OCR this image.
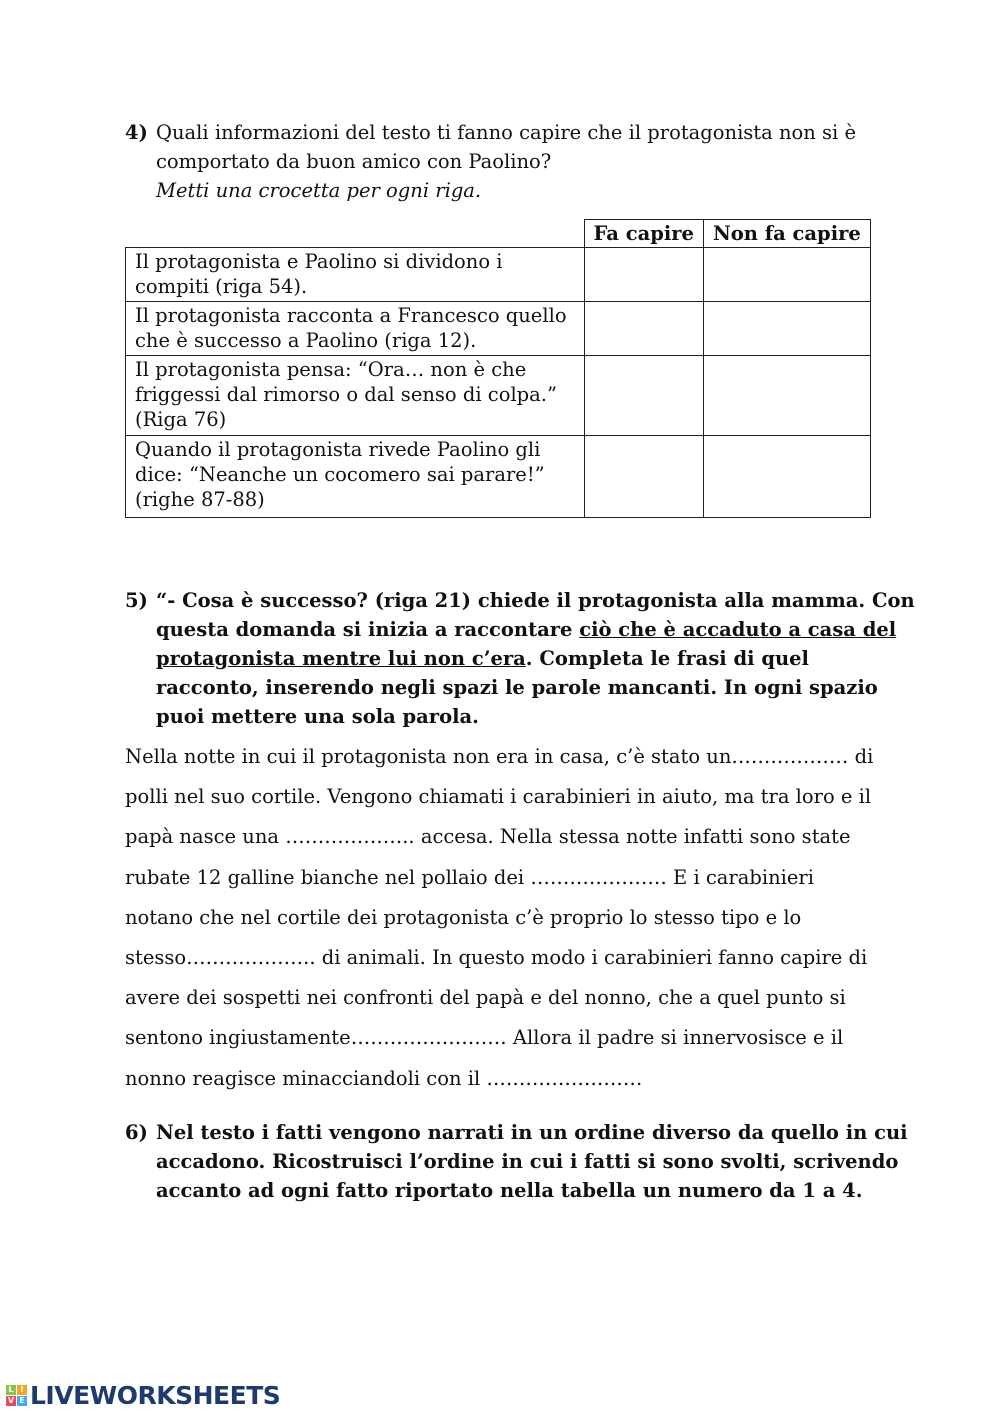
4) Quali informazioni del testo ti fanno capire che il protagonista non si è comportato da buon amico con Paolino?
Metti una crocetta per ogni riga.
	Fa capire	Non fa capire
Il protagonista e Paolino si dividono i compiti (riga 54).		
Il protagonista racconta a Francesco quello che è successo a Paolino (riga 12).		
Il protagonista pensa: “Ora… non è che friggessi dal rimorso o dal senso di colpa.” (Riga 76)		
Quando il protagonista rivede Paolino gli dice: “Neanche un cocomero sai parare!” (righe 87-88)		
5) “- Cosa è successo? (riga 21) chiede il protagonista alla mamma. Con questa domanda si inizia a raccontare ciò che è accaduto a casa del protagonista mentre lui non c’era. Completa le frasi di quel racconto, inserendo negli spazi le parole mancanti. In ogni spazio puoi mettere una sola parola.
Nella notte in cui il protagonista non era in casa, c’è stato un……………… di
polli nel suo cortile. Vengono chiamati i carabinieri in aiuto, ma tra loro e il
papà nasce una ……………….. accesa. Nella stessa notte infatti sono state
rubate 12 galline bianche nel pollaio dei ………………… E i carabinieri
notano che nel cortile dei protagonista c’è proprio lo stesso tipo e lo
stesso……………….. di animali. In questo modo i carabinieri fanno capire di
avere dei sospetti nei confronti del papà e del nonno, che a quel punto si
sentono ingiustamente…………………… Allora il padre si innervosisce e il
nonno reagisce minacciandoli con il ……………………
6) Nel testo i fatti vengono narrati in un ordine diverso da quello in cui accadono. Ricostruisci l’ordine in cui i fatti si sono svolti, scrivendo accanto ad ogni fatto riportato nella tabella un numero da 1 a 4.
L I
V E LIVEWORKSHEETS
